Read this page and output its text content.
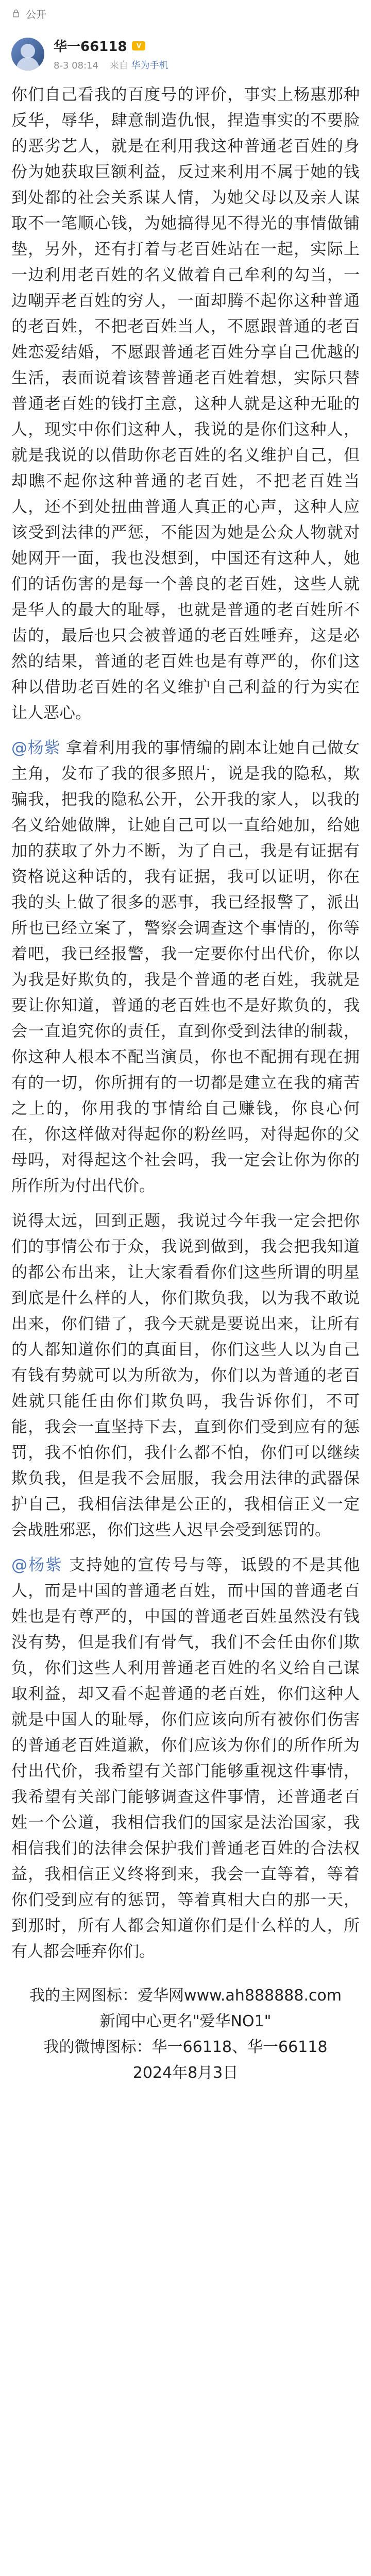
公开
华一66118	V
8-3 08:14 来自 华为手机

你们自己看我的百度号的评价，事实上杨惠那种反华，辱华，肆意制造仇恨，捏造事实的不要脸的恶劣艺人，就是在利用我这种普通老百姓的身份为她获取巨额利益，反过来利用不属于她的钱到处都的社会关系谋人情，为她父母以及亲人谋取不一笔顺心钱，为她搞得见不得光的事情做铺垫，另外，还有打着与老百姓站在一起，实际上一边利用老百姓的名义做着自己牟利的勾当，一边嘲弄老百姓的穷人，一面却腾不起你这种普通的老百姓，不把老百姓当人，不愿跟普通的老百姓恋爱结婚，不愿跟普通老百姓分享自己优越的生活，表面说着该替普通老百姓着想，实际只替普通老百姓的钱打主意，这种人就是这种无耻的人，现实中你们这种人，我说的是你们这种人，就是我说的以借助你老百姓的名义维护自己，但却瞧不起你这种普通的老百姓，不把老百姓当人，还不到处扭曲普通人真正的心声，这种人应该受到法律的严惩，不能因为她是公众人物就对她网开一面，我也没想到，中国还有这种人，她们的话伤害的是每一个善良的老百姓，这些人就是华人的最大的耻辱，也就是普通的老百姓所不齿的，最后也只会被普通的老百姓唾弃，这是必然的结果，普通的老百姓也是有尊严的，你们这种以借助老百姓的名义维护自己利益的行为实在让人恶心。

@杨紫 拿着利用我的事情编的剧本让她自己做女主角，发布了我的很多照片，说是我的隐私，欺骗我，把我的隐私公开，公开我的家人，以我的名义给她做牌，让她自己可以一直给她加，给她加的获取了外力不断，为了自己，我是有证据有资格说这种话的，我有证据，我可以证明，你在我的头上做了很多的恶事，我已经报警了，派出所也已经立案了，警察会调查这个事情的，你等着吧，我已经报警，我一定要你付出代价，你以为我是好欺负的，我是个普通的老百姓，我就是要让你知道，普通的老百姓也不是好欺负的，我会一直追究你的责任，直到你受到法律的制裁，你这种人根本不配当演员，你也不配拥有现在拥有的一切，你所拥有的一切都是建立在我的痛苦之上的，你用我的事情给自己赚钱，你良心何在，你这样做对得起你的粉丝吗，对得起你的父母吗，对得起这个社会吗，我一定会让你为你的所作所为付出代价。

说得太远，回到正题，我说过今年我一定会把你们的事情公布于众，我说到做到，我会把我知道的都公布出来，让大家看看你们这些所谓的明星到底是什么样的人，你们欺负我，以为我不敢说出来，你们错了，我今天就是要说出来，让所有的人都知道你们的真面目，你们这些人以为自己有钱有势就可以为所欲为，你们以为普通的老百姓就只能任由你们欺负吗，我告诉你们，不可能，我会一直坚持下去，直到你们受到应有的惩罚，我不怕你们，我什么都不怕，你们可以继续欺负我，但是我不会屈服，我会用法律的武器保护自己，我相信法律是公正的，我相信正义一定会战胜邪恶，你们这些人迟早会受到惩罚的。

@杨紫 支持她的宣传号与等，诋毁的不是其他人，而是中国的普通老百姓，而中国的普通老百姓也是有尊严的，中国的普通老百姓虽然没有钱没有势，但是我们有骨气，我们不会任由你们欺负，你们这些人利用普通老百姓的名义给自己谋取利益，却又看不起普通的老百姓，你们这种人就是中国人的耻辱，你们应该向所有被你们伤害的普通老百姓道歉，你们应该为你们的所作所为付出代价，我希望有关部门能够重视这件事情，我希望有关部门能够调查这件事情，还普通老百姓一个公道，我相信我们的国家是法治国家，我相信我们的法律会保护我们普通老百姓的合法权益，我相信正义终将到来，我会一直等着，等着你们受到应有的惩罚，等着真相大白的那一天，到那时，所有人都会知道你们是什么样的人，所有人都会唾弃你们。

我的主网图标：爱华网www.ah888888.com

新闻中心更名"爱华NO1"

我的微博图标：华一66118、华一66118

2024年8月3日
